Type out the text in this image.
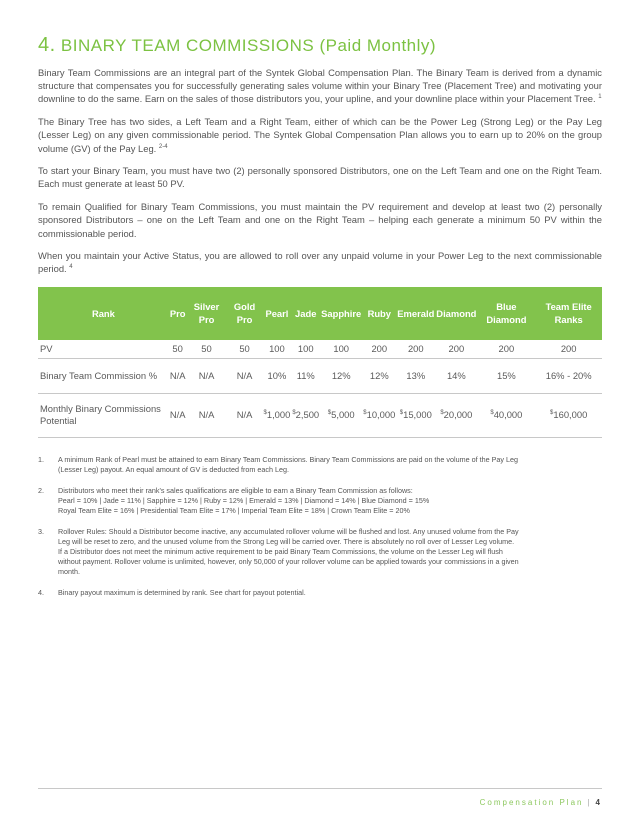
4. BINARY TEAM COMMISSIONS (Paid Monthly)

Binary Team Commissions are an integral part of the Syntek Global Compensation Plan. The Binary Team is derived from a dynamic structure that compensates you for successfully generating sales volume within your Binary Tree (Placement Tree) and motivating your downline to do the same. Earn on the sales of those distributors you, your upline, and your downline place within your Placement Tree. $^1$

The Binary Tree has two sides, a Left Team and a Right Team, either of which can be the Power Leg (Strong Leg) or the Pay Leg (Lesser Leg) on any given commissionable period. The Syntek Global Compensation Plan allows you to earn up to 20% on the group volume (GV) of the Pay Leg. $^{2-4}$

To start your Binary Team, you must have two (2) personally sponsored Distributors, one on the Left Team and one on the Right Team. Each must generate at least 50 PV.

To remain Qualified for Binary Team Commissions, you must maintain the PV requirement and develop at least two (2) personally sponsored Distributors – one on the Left Team and one on the Right Team – helping each generate a minimum 50 PV within the commissionable period.

When you maintain your Active Status, you are allowed to roll over any unpaid volume in your Power Leg to the next commissionable period. $^4$

Rank	Pro	Silver Pro	Gold Pro	Pearl	Jade	Sapphire	Ruby	Emerald	Diamond	Blue Diamond	Team Elite Ranks
PV	50	50	50	100	100	100	200	200	200	200	200
Binary Team Commission %	N/A	N/A	N/A	10%	11%	12%	12%	13%	14%	15%	16% - 20%
Monthly Binary Commissions Potential	N/A	N/A	N/A	$1,000	$2,500	$5,000	$10,000	$15,000	$20,000	$40,000	$160,000
1.	A minimum Rank of Pearl must be attained to earn Binary Team Commissions. Binary Team Commissions are paid on the volume of the Pay Leg
(Lesser Leg) payout. An equal amount of GV is deducted from each Leg.
2.	Distributors who meet their rank's sales qualifications are eligible to earn a Binary Team Commission as follows:
Pearl = 10% | Jade = 11% | Sapphire = 12% | Ruby = 12% | Emerald = 13% | Diamond = 14% | Blue Diamond = 15%
Royal Team Elite = 16% | Presidential Team Elite = 17% | Imperial Team Elite = 18% | Crown Team Elite = 20%
3.	Rollover Rules: Should a Distributor become inactive, any accumulated rollover volume will be flushed and lost. Any unused volume from the Pay
Leg will be reset to zero, and the unused volume from the Strong Leg will be carried over. There is absolutely no roll over of Lesser Leg volume.
If a Distributor does not meet the minimum active requirement to be paid Binary Team Commissions, the volume on the Lesser Leg will flush
without payment. Rollover volume is unlimited, however, only 50,000 of your rollover volume can be applied towards your commissions in a given
month.
4.	Binary payout maximum is determined by rank. See chart for payout potential.
Compensation Plan | 4
